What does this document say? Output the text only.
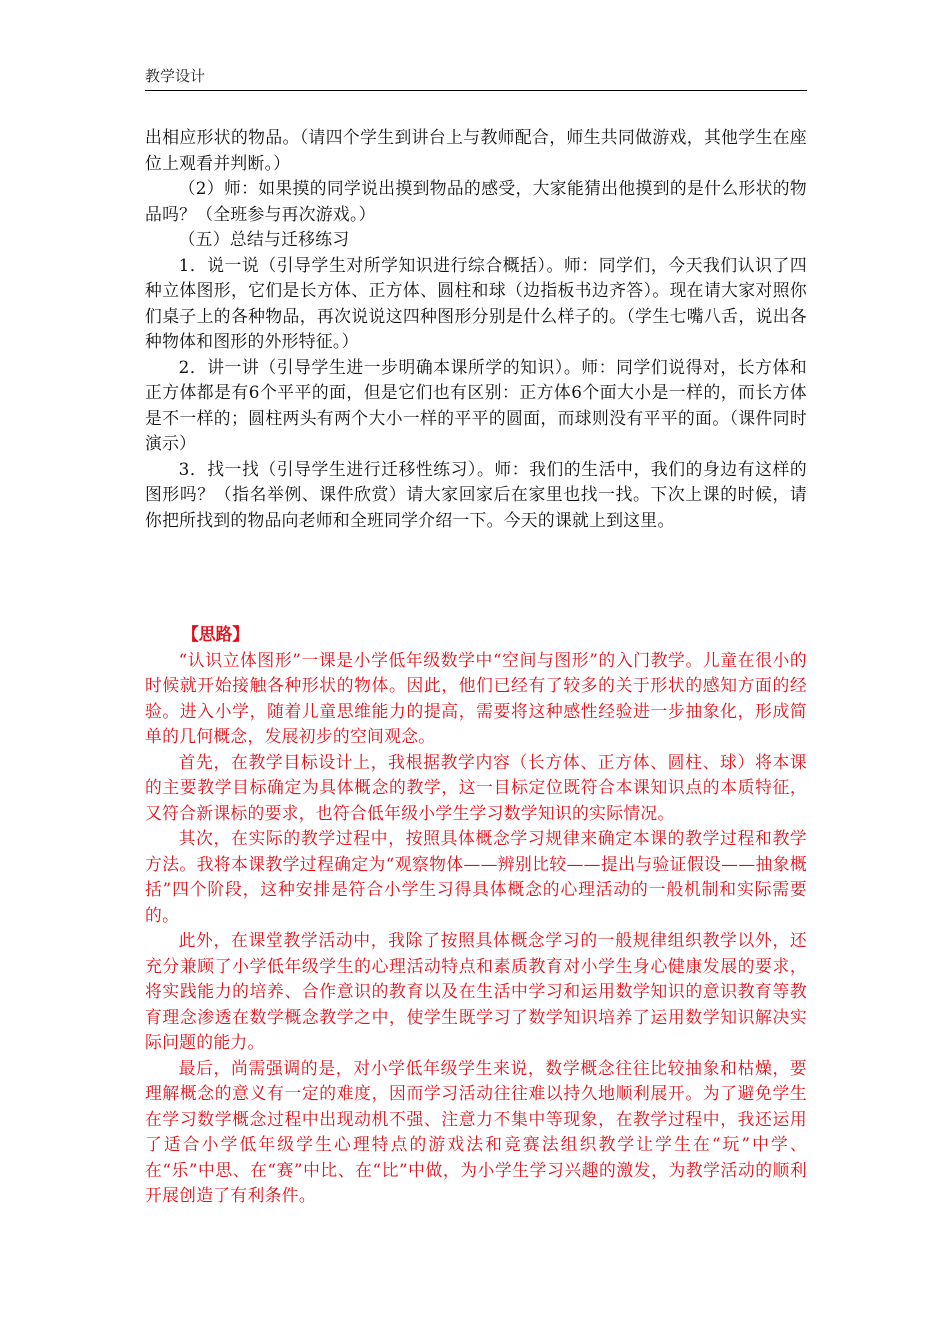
教学设计

出相应形状的物品。（请四个学生到讲台上与教师配合，师生共同做游戏，其他学生在座位上观看并判断。）

（2）师：如果摸的同学说出摸到物品的感受，大家能猜出他摸到的是什么形状的物品吗？（全班参与再次游戏。）

（五）总结与迁移练习

1．说一说（引导学生对所学知识进行综合概括）。师：同学们，今天我们认识了四种立体图形，它们是长方体、正方体、圆柱和球（边指板书边齐答）。现在请大家对照你们桌子上的各种物品，再次说说这四种图形分别是什么样子的。（学生七嘴八舌，说出各种物体和图形的外形特征。）

2．讲一讲（引导学生进一步明确本课所学的知识）。师：同学们说得对，长方体和正方体都是有6个平平的面，但是它们也有区别：正方体6个面大小是一样的，而长方体是不一样的；圆柱两头有两个大小一样的平平的圆面，而球则没有平平的面。（课件同时演示）

3．找一找（引导学生进行迁移性练习）。师：我们的生活中，我们的身边有这样的图形吗？（指名举例、课件欣赏）请大家回家后在家里也找一找。下次上课的时候，请你把所找到的物品向老师和全班同学介绍一下。今天的课就上到这里。

【思路】

“认识立体图形”一课是小学低年级数学中“空间与图形”的入门教学。儿童在很小的时候就开始接触各种形状的物体。因此，他们已经有了较多的关于形状的感知方面的经验。进入小学，随着儿童思维能力的提高，需要将这种感性经验进一步抽象化，形成简单的几何概念，发展初步的空间观念。

首先，在教学目标设计上，我根据教学内容（长方体、正方体、圆柱、球）将本课的主要教学目标确定为具体概念的教学，这一目标定位既符合本课知识点的本质特征，又符合新课标的要求，也符合低年级小学生学习数学知识的实际情况。

其次，在实际的教学过程中，按照具体概念学习规律来确定本课的教学过程和教学方法。我将本课教学过程确定为“观察物体——辨别比较——提出与验证假设——抽象概括”四个阶段，这种安排是符合小学生习得具体概念的心理活动的一般机制和实际需要的。

此外，在课堂教学活动中，我除了按照具体概念学习的一般规律组织教学以外，还充分兼顾了小学低年级学生的心理活动特点和素质教育对小学生身心健康发展的要求，将实践能力的培养、合作意识的教育以及在生活中学习和运用数学知识的意识教育等教育理念渗透在数学概念教学之中，使学生既学习了数学知识培养了运用数学知识解决实际问题的能力。

最后，尚需强调的是，对小学低年级学生来说，数学概念往往比较抽象和枯燥，要理解概念的意义有一定的难度，因而学习活动往往难以持久地顺利展开。为了避免学生在学习数学概念过程中出现动机不强、注意力不集中等现象，在教学过程中，我还运用了适合小学低年级学生心理特点的游戏法和竞赛法组织教学让学生在“玩”中学、在“乐”中思、在“赛”中比、在“比”中做，为小学生学习兴趣的激发，为教学活动的顺利开展创造了有利条件。
